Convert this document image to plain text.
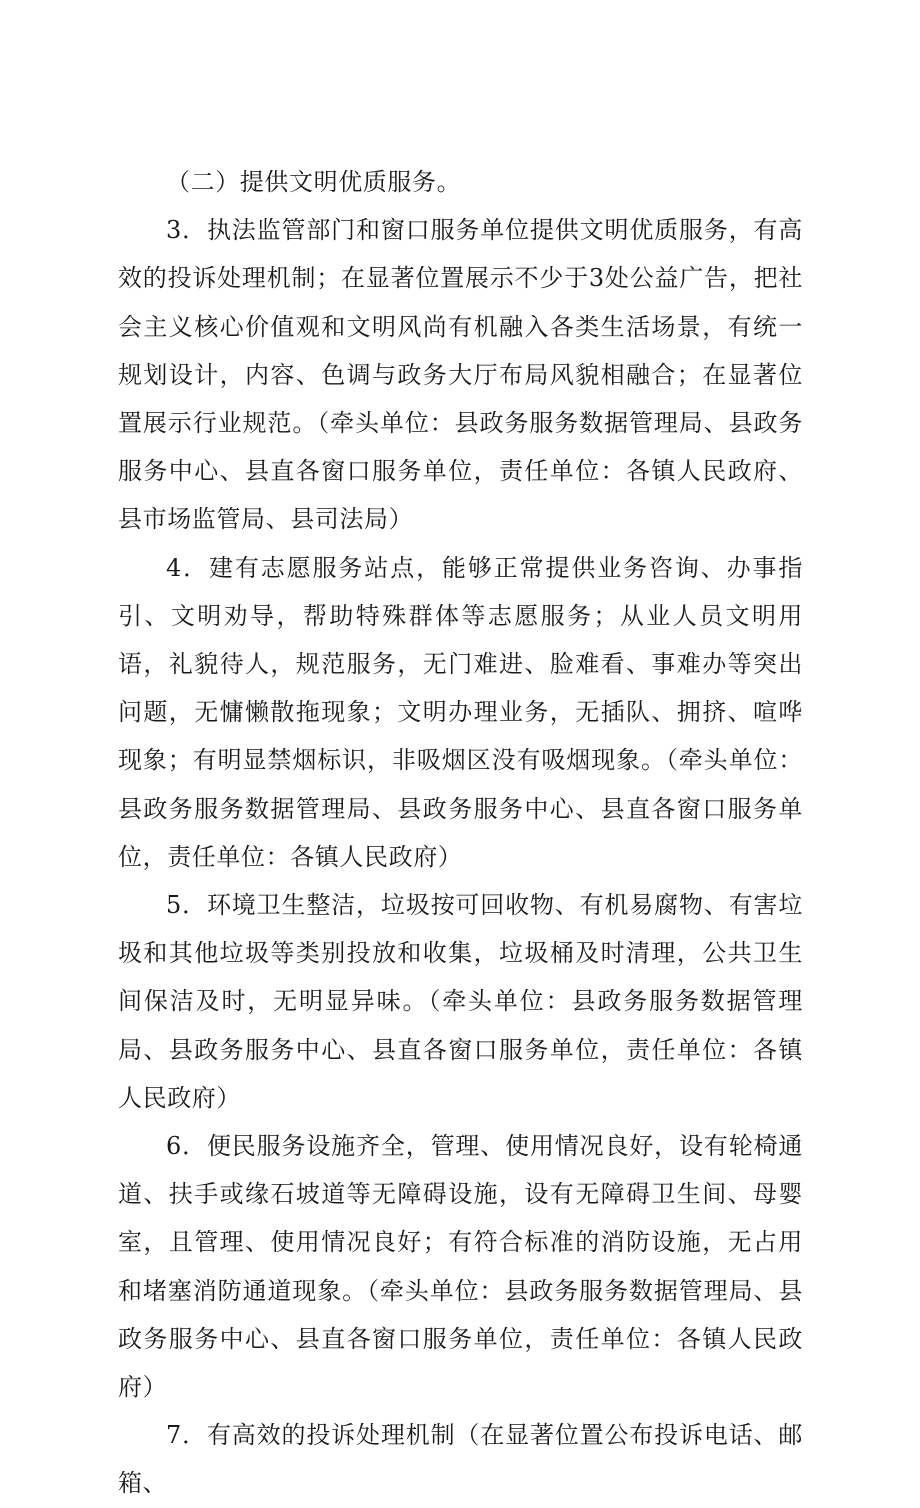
（二）提供文明优质服务。

3．执法监管部门和窗口服务单位提供文明优质服务，有高效的投诉处理机制；在显著位置展示不少于3处公益广告，把社会主义核心价值观和文明风尚有机融入各类生活场景，有统一规划设计，内容、色调与政务大厅布局风貌相融合；在显著位置展示行业规范。（牵头单位：县政务服务数据管理局、县政务服务中心、县直各窗口服务单位，责任单位：各镇人民政府、县市场监管局、县司法局）

4．建有志愿服务站点，能够正常提供业务咨询、办事指引、文明劝导，帮助特殊群体等志愿服务；从业人员文明用语，礼貌待人，规范服务，无门难进、脸难看、事难办等突出问题，无慵懒散拖现象；文明办理业务，无插队、拥挤、喧哗现象；有明显禁烟标识，非吸烟区没有吸烟现象。（牵头单位：县政务服务数据管理局、县政务服务中心、县直各窗口服务单位，责任单位：各镇人民政府）

5．环境卫生整洁，垃圾按可回收物、有机易腐物、有害垃圾和其他垃圾等类别投放和收集，垃圾桶及时清理，公共卫生间保洁及时，无明显异味。（牵头单位：县政务服务数据管理局、县政务服务中心、县直各窗口服务单位，责任单位：各镇人民政府）

6．便民服务设施齐全，管理、使用情况良好，设有轮椅通道、扶手或缘石坡道等无障碍设施，设有无障碍卫生间、母婴室，且管理、使用情况良好；有符合标准的消防设施，无占用和堵塞消防通道现象。（牵头单位：县政务服务数据管理局、县政务服务中心、县直各窗口服务单位，责任单位：各镇人民政府）

7．有高效的投诉处理机制（在显著位置公布投诉电话、邮箱、
